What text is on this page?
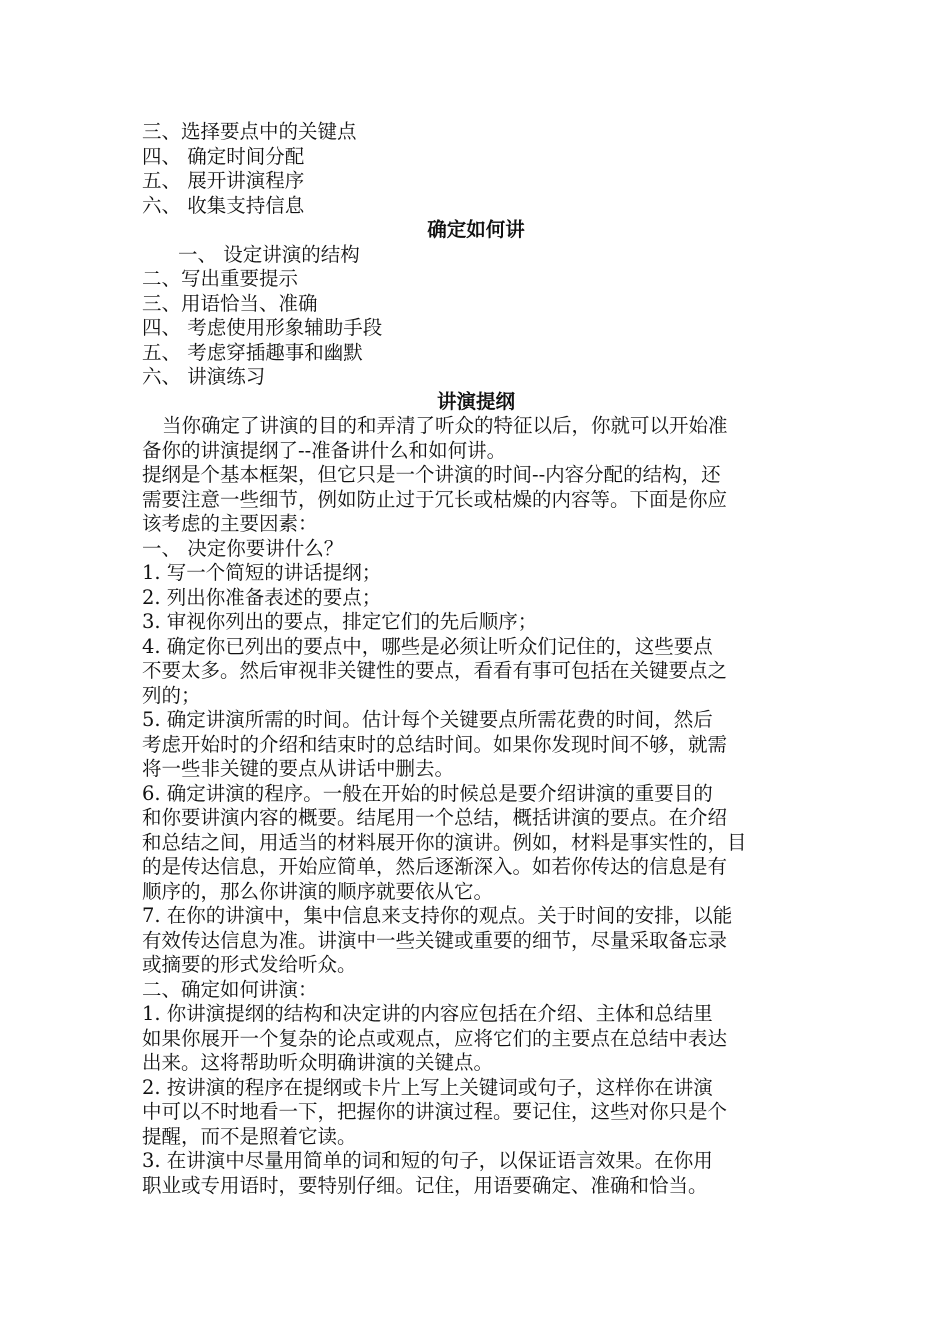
三、选择要点中的关键点
四、 确定时间分配
五、 展开讲演程序
六、 收集支持信息
确定如何讲
一、 设定讲演的结构
二、写出重要提示
三、用语恰当、准确
四、 考虑使用形象辅助手段
五、 考虑穿插趣事和幽默
六、 讲演练习
讲演提纲
当你确定了讲演的目的和弄清了听众的特征以后，你就可以开始准
备你的讲演提纲了--准备讲什么和如何讲。
提纲是个基本框架，但它只是一个讲演的时间--内容分配的结构，还
需要注意一些细节，例如防止过于冗长或枯燥的内容等。下面是你应
该考虑的主要因素：
一、 决定你要讲什么？
1. 写一个简短的讲话提纲；
2. 列出你准备表述的要点；
3. 审视你列出的要点，排定它们的先后顺序；
4. 确定你已列出的要点中，哪些是必须让听众们记住的，这些要点
不要太多。然后审视非关键性的要点，看看有事可包括在关键要点之
列的；
5. 确定讲演所需的时间。估计每个关键要点所需花费的时间，然后
考虑开始时的介绍和结束时的总结时间。如果你发现时间不够，就需
将一些非关键的要点从讲话中删去。
6. 确定讲演的程序。一般在开始的时候总是要介绍讲演的重要目的
和你要讲演内容的概要。结尾用一个总结，概括讲演的要点。在介绍
和总结之间，用适当的材料展开你的演讲。例如，材料是事实性的，目
的是传达信息，开始应简单，然后逐渐深入。如若你传达的信息是有
顺序的，那么你讲演的顺序就要依从它。
7. 在你的讲演中，集中信息来支持你的观点。关于时间的安排，以能
有效传达信息为准。讲演中一些关键或重要的细节，尽量采取备忘录
或摘要的形式发给听众。
二、确定如何讲演：
1. 你讲演提纲的结构和决定讲的内容应包括在介绍、主体和总结里
如果你展开一个复杂的论点或观点，应将它们的主要点在总结中表达
出来。这将帮助听众明确讲演的关键点。
2. 按讲演的程序在提纲或卡片上写上关键词或句子，这样你在讲演
中可以不时地看一下，把握你的讲演过程。要记住，这些对你只是个
提醒，而不是照着它读。
3. 在讲演中尽量用简单的词和短的句子，以保证语言效果。在你用
职业或专用语时，要特别仔细。记住，用语要确定、准确和恰当。
